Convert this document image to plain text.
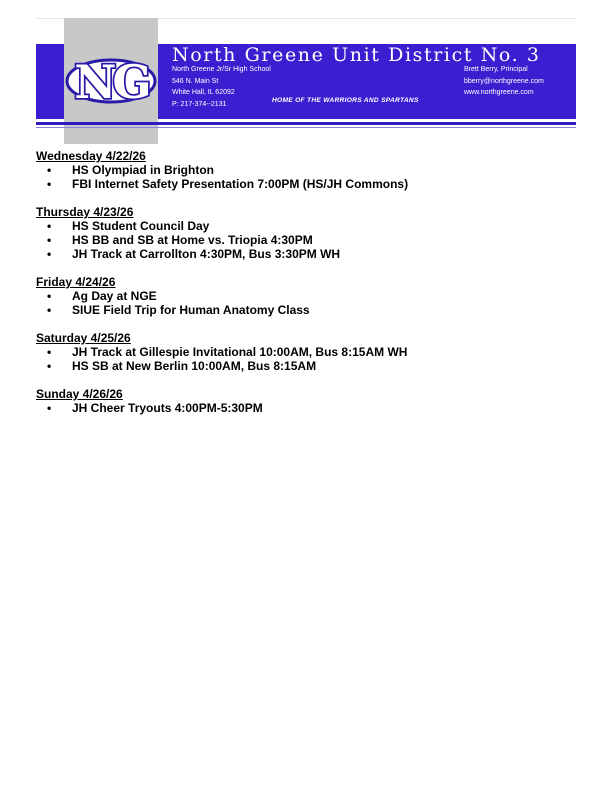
NG North Greene Unit District No. 3
North Greene Jr/Sr High School
546 N. Main St
White Hall, IL 62092
P: 217-374--2131
Brett Berry, Principal
bberry@northgreene.com
www.northgreene.com
HOME OF THE WARRIORS AND SPARTANS

Wednesday 4/22/26

• HS Olympiad in Brighton
• FBI Internet Safety Presentation 7:00PM (HS/JH Commons)

Thursday 4/23/26

• HS Student Council Day
• HS BB and SB at Home vs. Triopia 4:30PM
• JH Track at Carrollton 4:30PM, Bus 3:30PM WH

Friday 4/24/26

• Ag Day at NGE
• SIUE Field Trip for Human Anatomy Class

Saturday 4/25/26

• JH Track at Gillespie Invitational 10:00AM, Bus 8:15AM WH
• HS SB at New Berlin 10:00AM, Bus 8:15AM

Sunday 4/26/26

• JH Cheer Tryouts 4:00PM-5:30PM
